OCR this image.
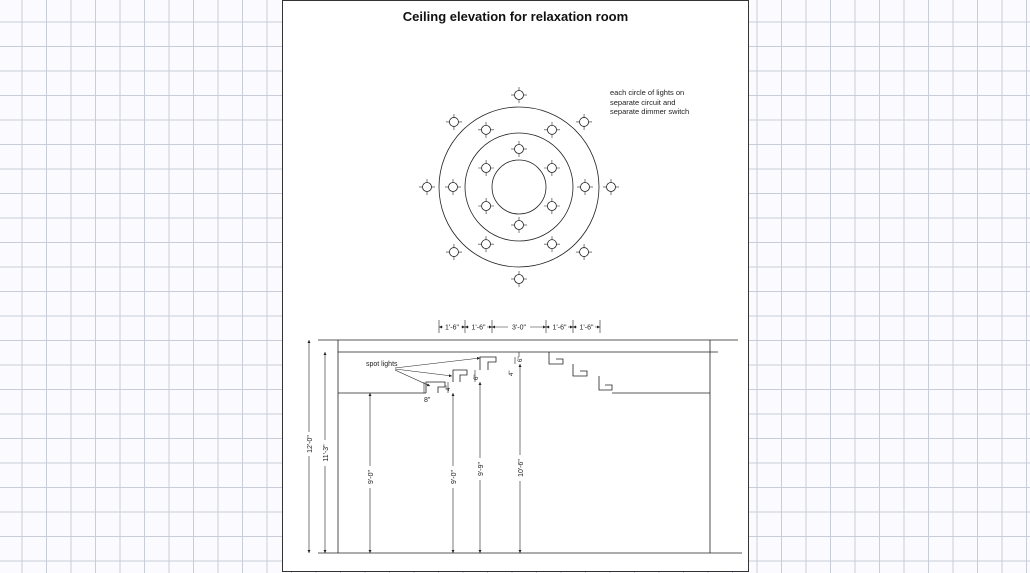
Ceiling elevation for relaxation room
each circle of lights on
separate circuit and
separate dimmer switch
1'-6" 1'-6"	3'-0"	1'-6" 1'-6"
spot lights
12'-0"
11'-3"
9'-0"	9'-0"
9'-9"	10'-6"
8"
4"
6"
4"
6"
